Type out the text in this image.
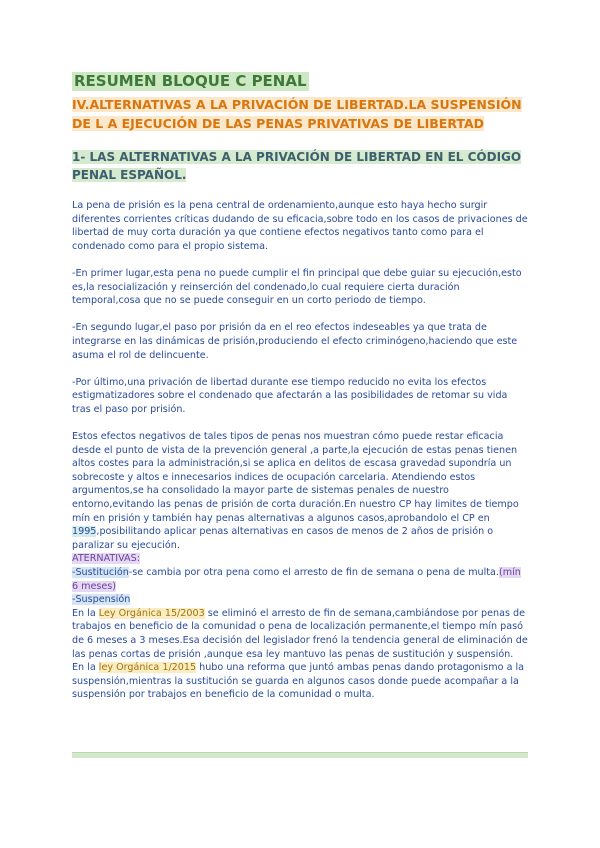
RESUMEN BLOQUE C PENAL
IV.ALTERNATIVAS A LA PRIVACIÓN DE LIBERTAD.LA SUSPENSIÓN DE L A EJECUCIÓN DE LAS PENAS PRIVATIVAS DE LIBERTAD
1- LAS ALTERNATIVAS A LA PRIVACIÓN DE LIBERTAD EN EL CÓDIGO PENAL ESPAÑOL.

La pena de prisión es la pena central de ordenamiento,aunque esto haya hecho surgir diferentes corrientes críticas dudando de su eficacia,sobre todo en los casos de privaciones de libertad de muy corta duración ya que contiene efectos negativos tanto como para el condenado como para el propio sistema.

-En primer lugar,esta pena no puede cumplir el fin principal que debe guiar su ejecución,esto es,la resocialización y reinserción del condenado,lo cual requiere cierta duración temporal,cosa que no se puede conseguir en un corto periodo de tiempo.

-En segundo lugar,el paso por prisión da en el reo efectos indeseables ya que trata de integrarse en las dinámicas de prisión,produciendo el efecto criminógeno,haciendo que este asuma el rol de delincuente.

-Por último,una privación de libertad durante ese tiempo reducido no evita los efectos estigmatizadores sobre el condenado que afectarán a las posibilidades de retomar su vida tras el paso por prisión.

Estos efectos negativos de tales tipos de penas nos muestran cómo puede restar eficacia desde el punto de vista de la prevención general ,a parte,la ejecución de estas penas tienen altos costes para la administración,si se aplica en delitos de escasa gravedad supondría un sobrecoste y altos e innecesarios indices de ocupación carcelaria. Atendiendo estos argumentos,se ha consolidado la mayor parte de sistemas penales de nuestro entorno,evitando las penas de prisión de corta duración.En nuestro CP hay limites de tiempo mín en prisión y también hay penas alternativas a algunos casos,aprobandolo el CP en 1995,posibilitando aplicar penas alternativas en casos de menos de 2 años de prisión o paralizar su ejecución.

ATERNATIVAS:

-Sustitución-se cambia por otra pena como el arresto de fin de semana o pena de multa.(mín 6 meses)

-Suspensión

En la Ley Orgánica 15/2003 se eliminó el arresto de fin de semana,cambiándose por penas de trabajos en beneficio de la comunidad o pena de localización permanente,el tiempo mín pasó de 6 meses a 3 meses.Esa decisión del legislador frenó la tendencia general de eliminación de las penas cortas de prisión ,aunque esa ley mantuvo las penas de sustitución y suspensión.

En la ley Orgánica 1/2015 hubo una reforma que juntó ambas penas dando protagonismo a la suspensión,mientras la sustitución se guarda en algunos casos donde puede acompañar a la suspensión por trabajos en beneficio de la comunidad o multa.
